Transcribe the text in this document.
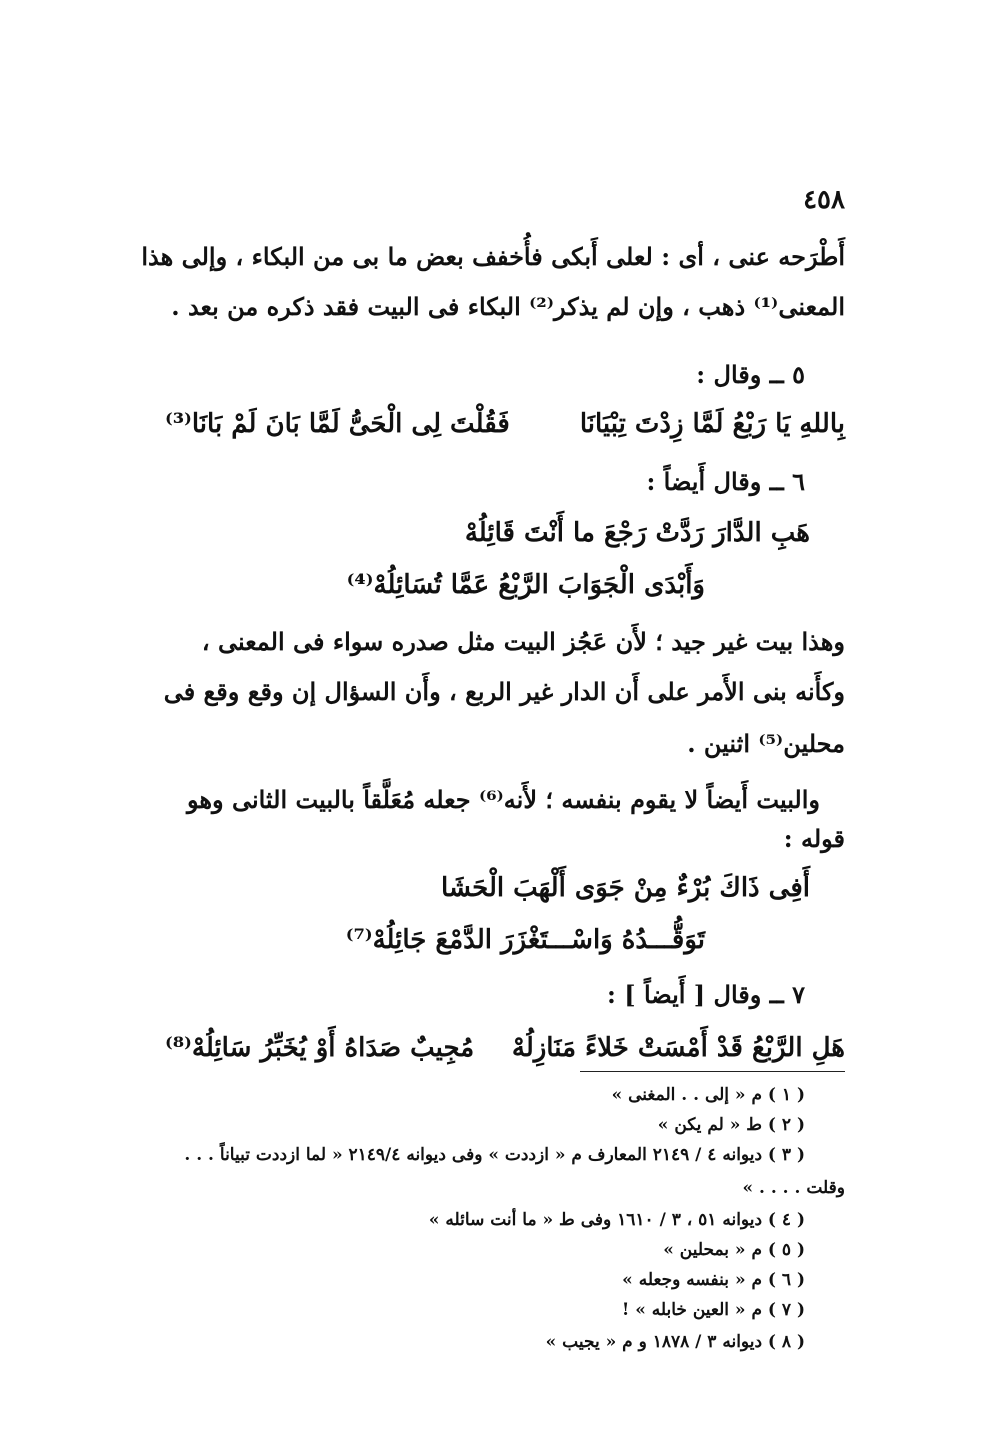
٤٥٨
أَطْرَحه عنى ، أى : لعلى أَبكى فأُخفف بعض ما بى من البكاء ، وإلى هذا
المعنى⁽¹⁾ ذهب ، وإن لم يذكر⁽²⁾ البكاء فى البيت فقد ذكره من بعد .
٥ ــ وقال :
بِاللهِ يَا رَبْعُ لَمَّا زِدْتَ تِبْيَانَا
فَقُلْتَ لِى الْحَىُّ لَمَّا بَانَ لَمْ بَانَا⁽³⁾
٦ ــ وقال أَيضاً :
هَبِ الدَّارَ رَدَّتْ رَجْعَ ما أَنْتَ قَائِلُهْ
وَأَبْدَى الْجَوَابَ الرَّبْعُ عَمَّا تُسَائِلُهْ⁽⁴⁾
وهذا بيت غير جيد ؛ لأَن عَجُز البيت مثل صدره سواء فى المعنى ،
وكأَنه بنى الأَمر على أَن الدار غير الربع ، وأَن السؤال إن وقع وقع فى
محلين⁽⁵⁾ اثنين .
والبيت أَيضاً لا يقوم بنفسه ؛ لأَنه⁽⁶⁾ جعله مُعَلَّقاً بالبيت الثانى وهو
قوله :
أَفِى ذَاكَ بُرْءٌ مِنْ جَوَى أَلْهَبَ الْحَشَا
تَوَقُّـــدُهُ وَاسْـــتَغْزَرَ الدَّمْعَ جَائِلُهْ⁽⁷⁾
٧ ــ وقال [ أَيضاً ] :
هَلِ الرَّبْعُ قَدْ أَمْسَتْ خَلاءً مَنَازِلُهْ
مُجِيبٌ صَدَاهُ أَوْ يُخَبِّرُ سَائِلُهْ⁽⁸⁾
( ١ ) م « إلى . . المغنى »
( ٢ ) ط « لم يكن »
( ٣ ) ديوانه ٤ / ٢١٤٩ المعارف م « ازددت » وفى ديوانه ٢١٤٩/٤ « لما ازددت تبياناً . . .
وقلت . . . . »
( ٤ ) ديوانه ٥١ ، ٣ / ١٦١٠ وفى ط « ما أنت سائله »
( ٥ ) م « بمحلين »
( ٦ ) م « بنفسه وجعله »
( ٧ ) م « العين خابله » !
( ٨ ) ديوانه ٣ / ١٨٧٨ و م « يجيب »
